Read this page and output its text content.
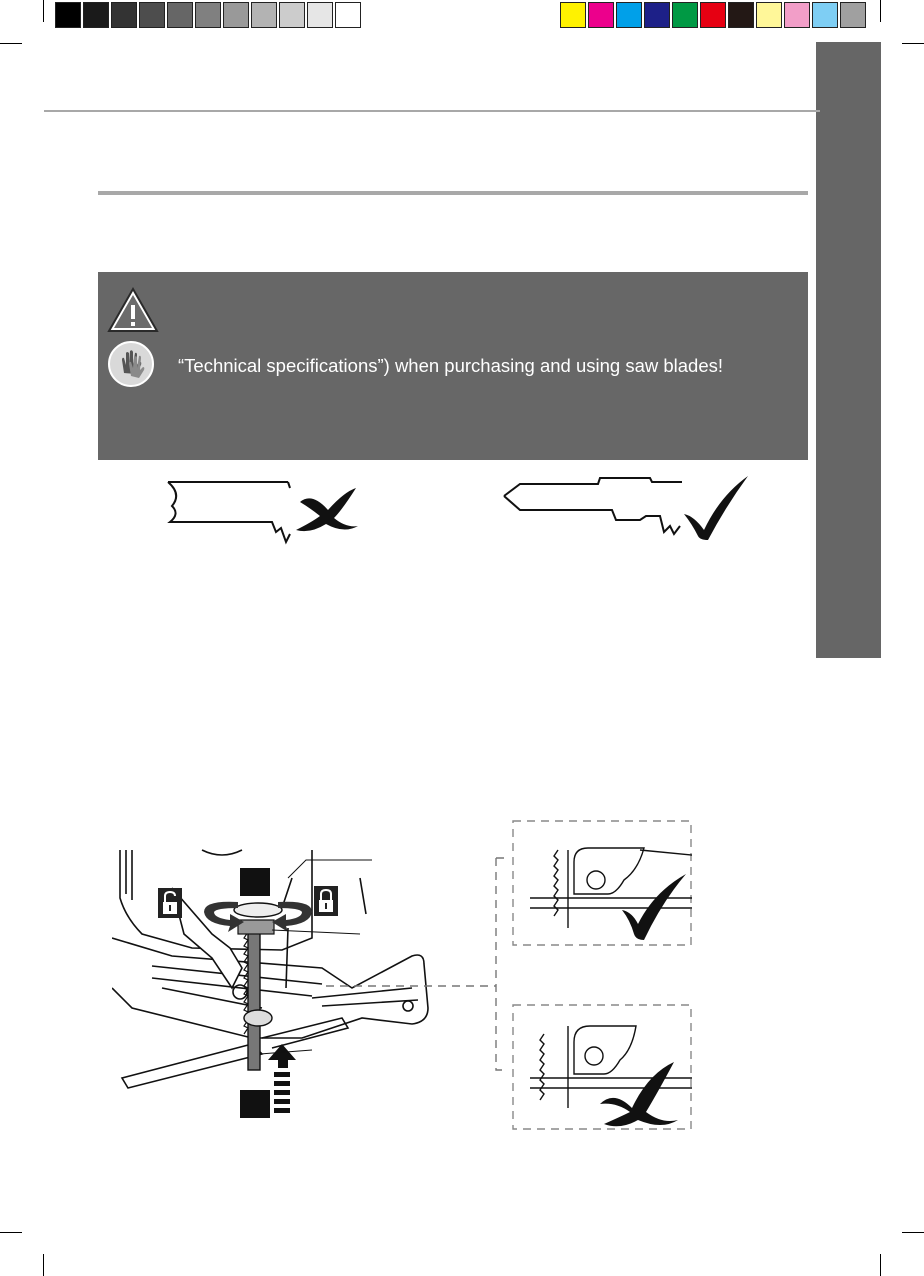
“Technical specifications”) when purchasing and using saw blades!
